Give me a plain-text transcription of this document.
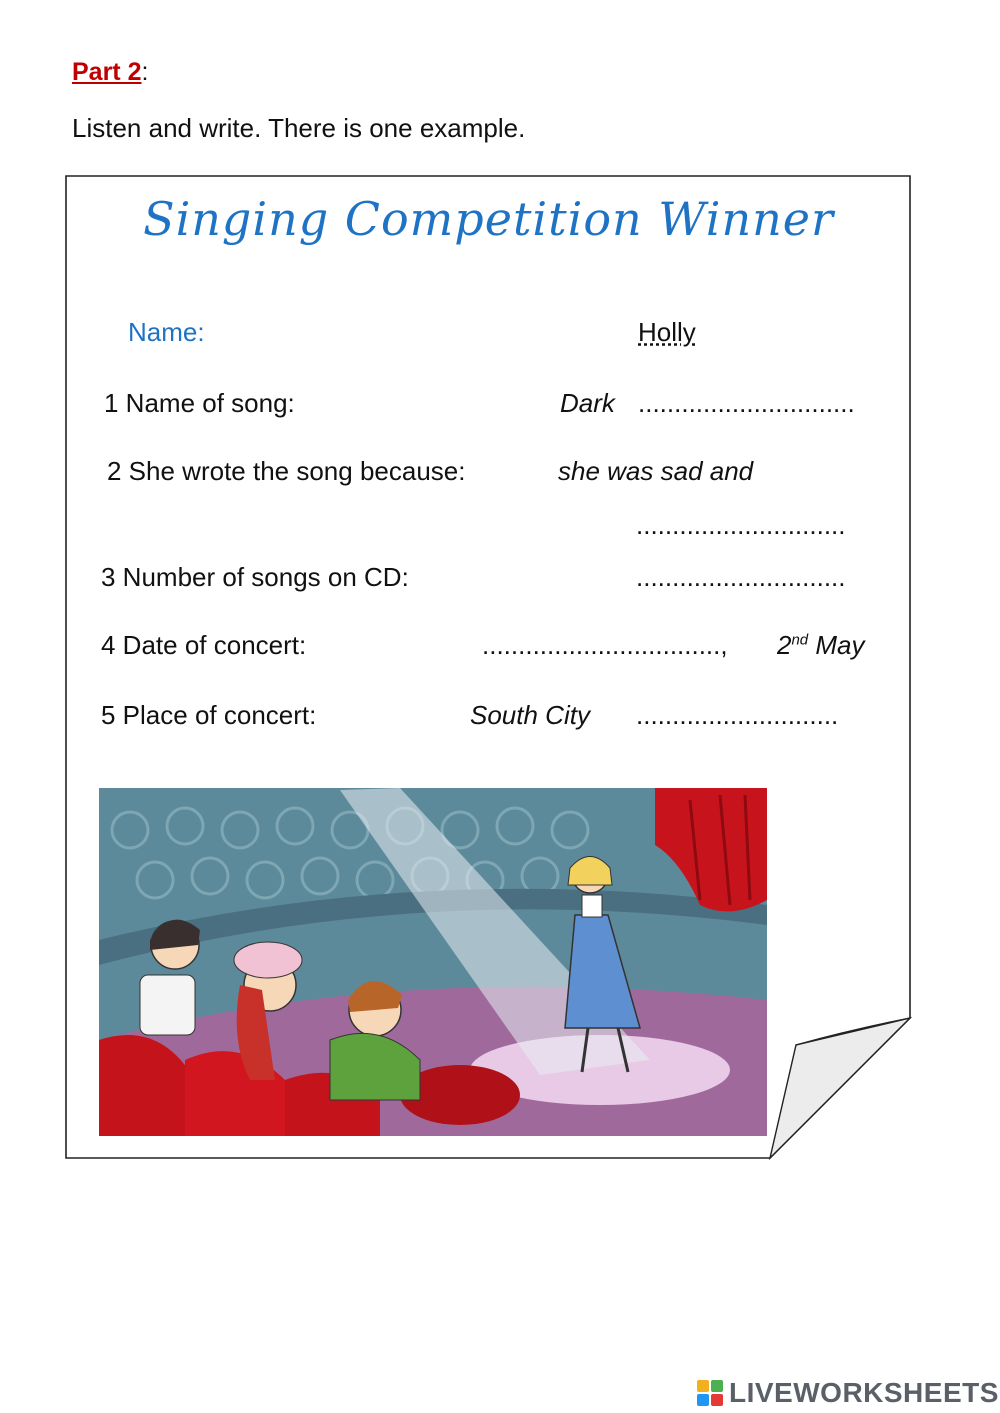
Part 2:
Listen and write. There is one example.
Singing Competition Winner
Name:	Holly
1 Name of song:	Dark ..............................
2 She wrote the song because:	she was sad and
.............................
3 Number of songs on CD:	.............................
4 Date of concert:	................................., 2nd May
5 Place of concert:	South City ............................
LIVEWORKSHEETS
